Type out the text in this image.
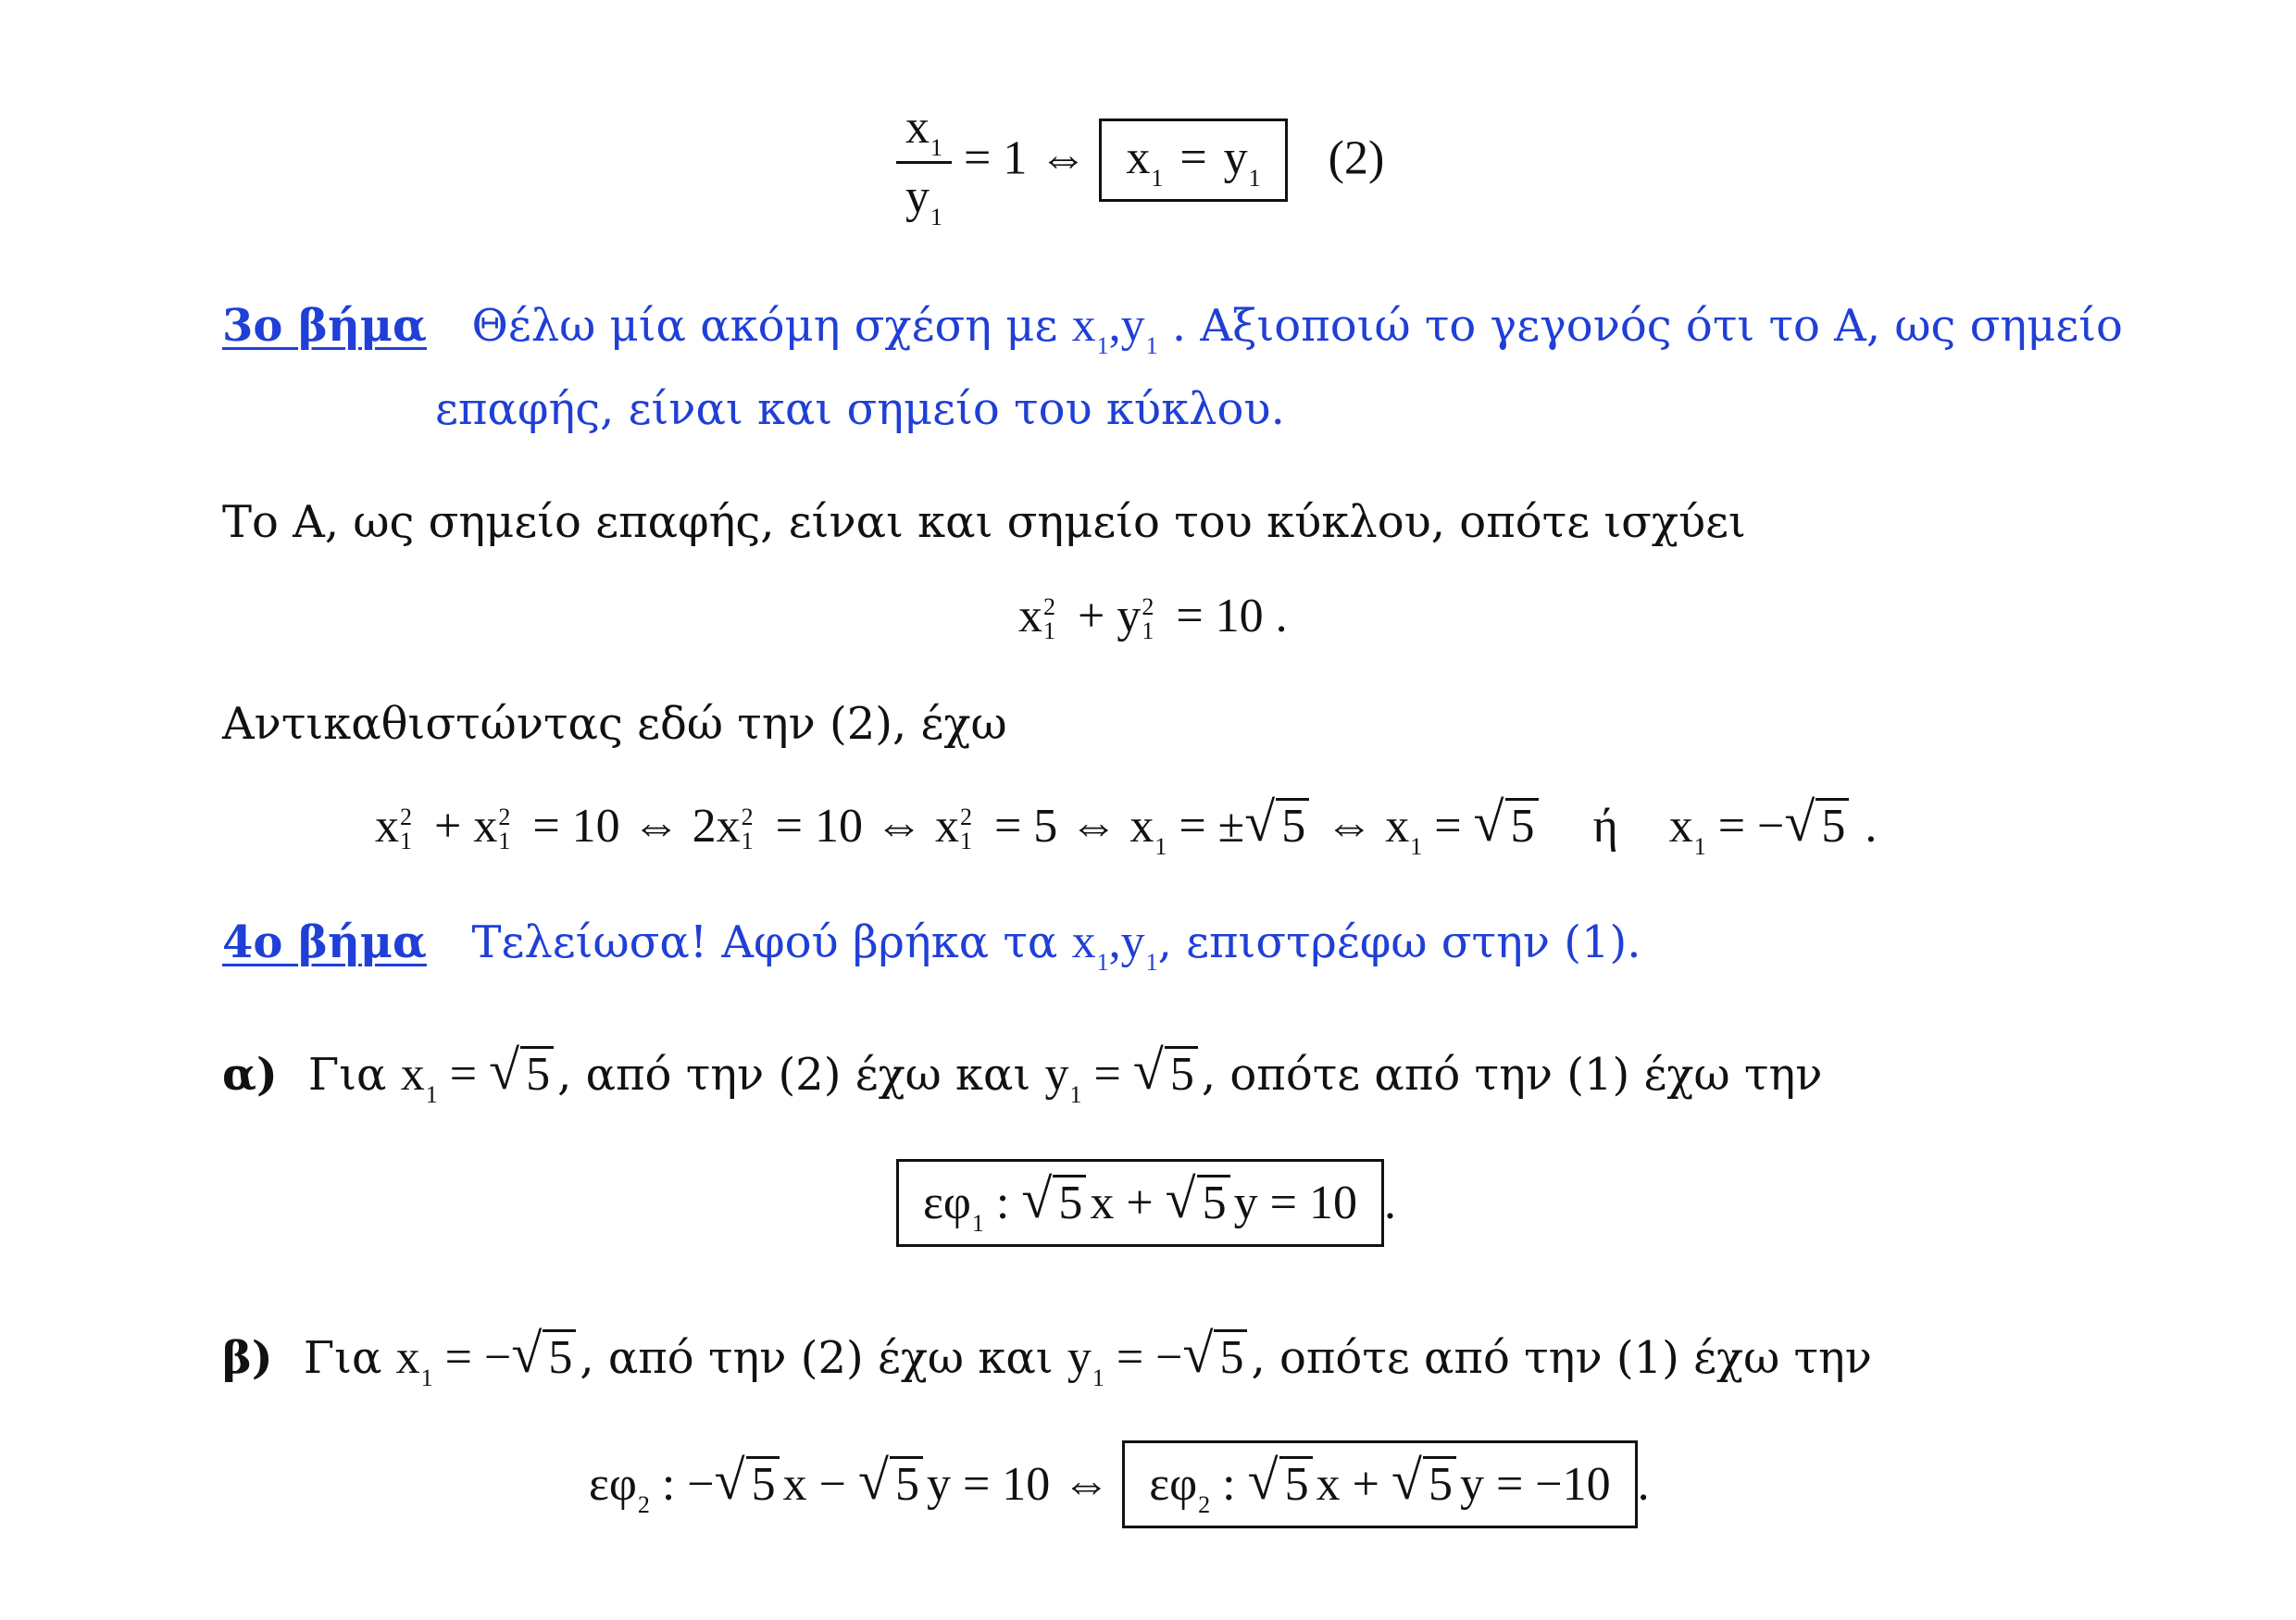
$\frac{x_1}{y_1} = 1$ ⇔ $x_1 = y_1$ (2)
3ο βήμα Θέλω μία ακόμη σχέση με $x_1,y_1$ . Αξιοποιώ το γεγονός ότι το Α, ως σημείο
επαφής, είναι και σημείο του κύκλου.
Το Α, ως σημείο επαφής, είναι και σημείο του κύκλου, οπότε ισχύει
x 2
1 + y 2
1 = 10 .
Αντικαθιστώντας εδώ την (2), έχω
x 2
1 + x 2
1 = 10 ⇔ 2x 2
1 = 10 ⇔ x 2
1 = 5 ⇔ $x_1$ = ± √ 5 ⇔ $x_1$ = √ 5 ή $x_1$ = − √ 5 .
4ο βήμα Τελείωσα! Αφού βρήκα τα $x_1,y_1$, επιστρέφω στην (1).
α) Για $x_1$ = √ 5 , από την (2) έχω και $y_1$ = √ 5 , οπότε από την (1) έχω την
$\varepsilon\varphi_1$ : √ 5 x + √ 5 y = 10 .
β) Για $x_1$ = − √ 5 , από την (2) έχω και $y_1$ = − √ 5 , οπότε από την (1) έχω την
$\varepsilon\varphi_2$ : − √ 5 x − √ 5 y = 10 ⇔ $\varepsilon\varphi_2$ : √ 5 x + √ 5 y = −10 .
